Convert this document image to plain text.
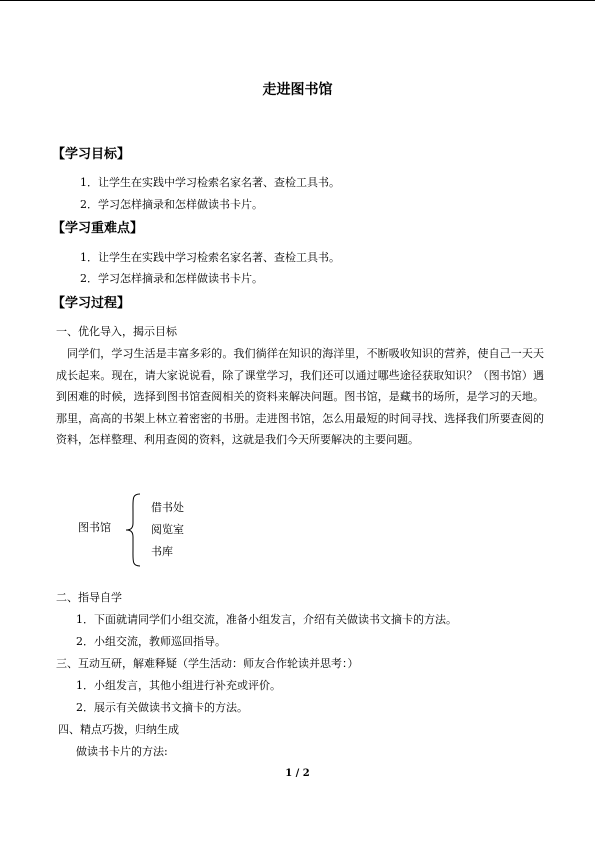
走进图书馆
【学习目标】
1．让学生在实践中学习检索名家名著、查检工具书。
2．学习怎样摘录和怎样做读书卡片。
【学习重难点】
1．让学生在实践中学习检索名家名著、查检工具书。
2．学习怎样摘录和怎样做读书卡片。
【学习过程】
一、优化导入，揭示目标
同学们，学习生活是丰富多彩的。我们徜徉在知识的海洋里，不断吸收知识的营养，使自己一天天成长起来。现在，请大家说说看，除了课堂学习，我们还可以通过哪些途径获取知识？（图书馆）遇到困难的时候，选择到图书馆查阅相关的资料来解决问题。图书馆，是藏书的场所，是学习的天地。那里，高高的书架上林立着密密的书册。走进图书馆，怎么用最短的时间寻找、选择我们所要查阅的资料，怎样整理、利用查阅的资料，这就是我们今天所要解决的主要问题。
图书馆
借书处
阅览室
书库
二、指导自学
1．下面就请同学们小组交流，准备小组发言，介绍有关做读书文摘卡的方法。
2．小组交流，教师巡回指导。
三、互动互研，解难释疑（学生活动：师友合作轮读并思考：）
1．小组发言，其他小组进行补充或评价。
2．展示有关做读书文摘卡的方法。
四、精点巧拨，归纳生成
做读书卡片的方法:
1 / 2
